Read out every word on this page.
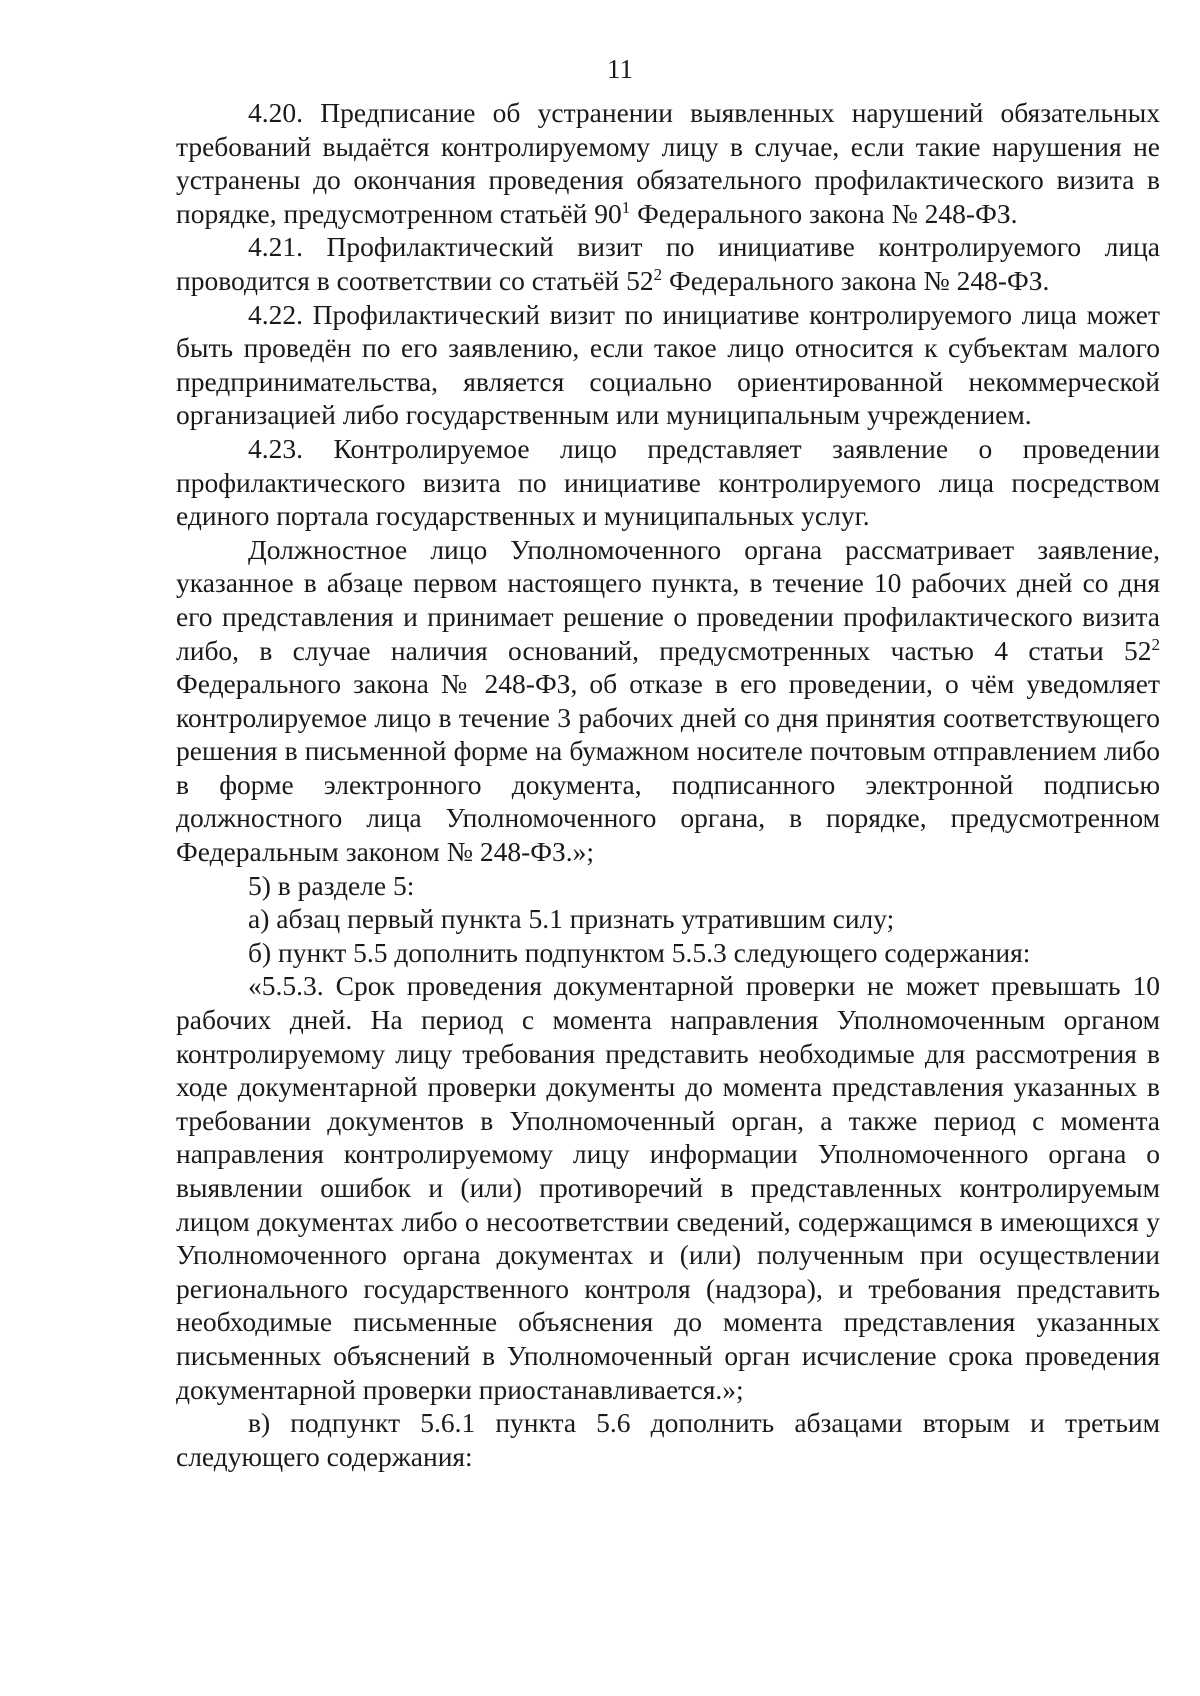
11

4.20. Предписание об устранении выявленных нарушений обязательных требований выдаётся контролируемому лицу в случае, если такие нарушения не устранены до окончания проведения обязательного профилактического визита в порядке, предусмотренном статьёй $90^1$ Федерального закона № 248-ФЗ.

4.21. Профилактический визит по инициативе контролируемого лица проводится в соответствии со статьёй $52^2$ Федерального закона № 248-ФЗ.

4.22. Профилактический визит по инициативе контролируемого лица может быть проведён по его заявлению, если такое лицо относится к субъектам малого предпринимательства, является социально ориентированной некоммерческой организацией либо государственным или муниципальным учреждением.

4.23. Контролируемое лицо представляет заявление о проведении профилактического визита по инициативе контролируемого лица посредством единого портала государственных и муниципальных услуг.

Должностное лицо Уполномоченного органа рассматривает заявление, указанное в абзаце первом настоящего пункта, в течение 10 рабочих дней со дня его представления и принимает решение о проведении профилактического визита либо, в случае наличия оснований, предусмотренных частью 4 статьи $52^2$ Федерального закона № 248-ФЗ, об отказе в его проведении, о чём уведомляет контролируемое лицо в течение 3 рабочих дней со дня принятия соответствующего решения в письменной форме на бумажном носителе почтовым отправлением либо в форме электронного документа, подписанного электронной подписью должностного лица Уполномоченного органа, в порядке, предусмотренном Федеральным законом № 248-ФЗ.»;

5) в разделе 5:

а) абзац первый пункта 5.1 признать утратившим силу;

б) пункт 5.5 дополнить подпунктом 5.5.3 следующего содержания:

«5.5.3. Срок проведения документарной проверки не может превышать 10 рабочих дней. На период с момента направления Уполномоченным органом контролируемому лицу требования представить необходимые для рассмотрения в ходе документарной проверки документы до момента представления указанных в требовании документов в Уполномоченный орган, а также период с момента направления контролируемому лицу информации Уполномоченного органа о выявлении ошибок и (или) противоречий в представленных контролируемым лицом документах либо о несоответствии сведений, содержащимся в имеющихся у Уполномоченного органа документах и (или) полученным при осуществлении регионального государственного контроля (надзора), и требования представить необходимые письменные объяснения до момента представления указанных письменных объяснений в Уполномоченный орган исчисление срока проведения документарной проверки приостанавливается.»;

в) подпункт 5.6.1 пункта 5.6 дополнить абзацами вторым и третьим следующего содержания:
